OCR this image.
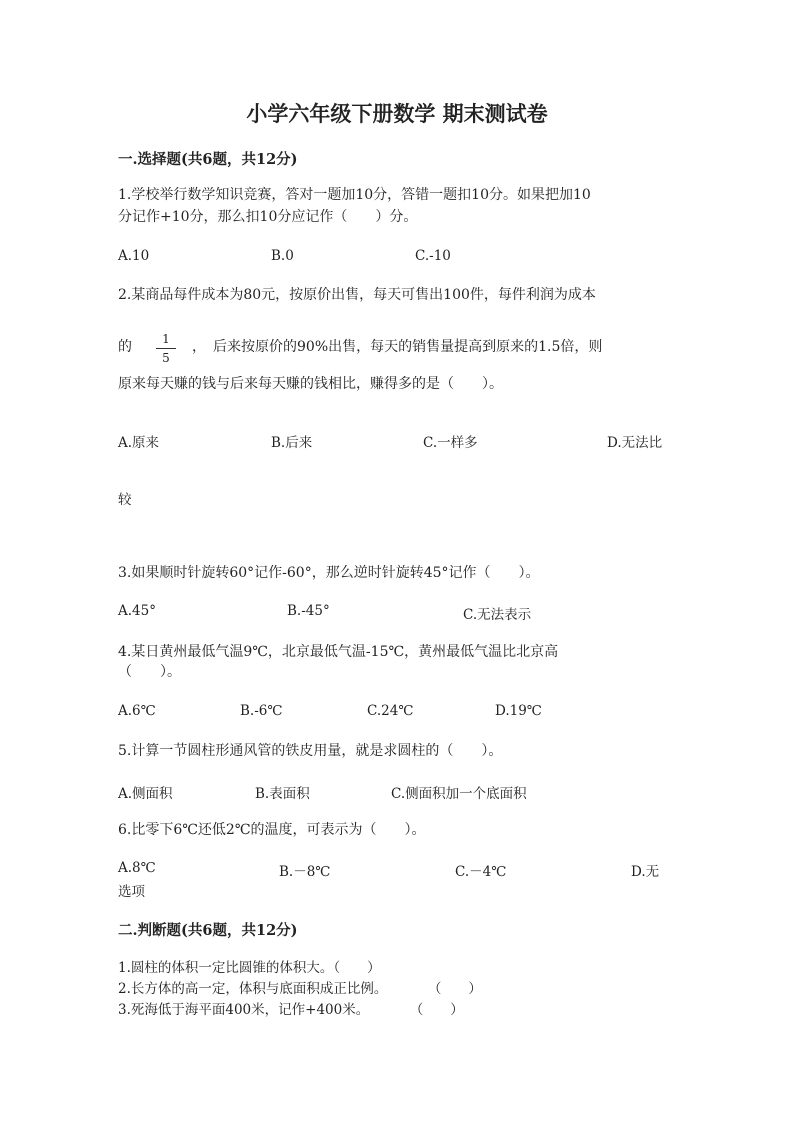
小学六年级下册数学 期末测试卷
一.选择题(共6题，共12分)
1.学校举行数学知识竞赛，答对一题加10分，答错一题扣10分。如果把加10
分记作+10分，那么扣10分应记作（　　）分。
A.10	B.0	C.-10
2.某商品每件成本为80元，按原价出售，每天可售出100件，每件利润为成本
的	1
5
，　后来按原价的90%出售，每天的销售量提高到原来的1.5倍，则
原来每天赚的钱与后来每天赚的钱相比，赚得多的是（　　）。
A.原来	B.后来	C.一样多	D.无法比
较
3.如果顺时针旋转60°记作-60°，那么逆时针旋转45°记作（　　）。
A.45°	B.-45°	C.无法表示
4.某日黄州最低气温9℃，北京最低气温-15℃，黄州最低气温比北京高
（　　）。
A.6℃	B.-6℃	C.24℃	D.19℃
5.计算一节圆柱形通风管的铁皮用量，就是求圆柱的（　　）。
A.侧面积	B.表面积	C.侧面积加一个底面积
6.比零下6℃还低2℃的温度，可表示为（　　）。
A.8℃	B.－8℃	C.－4℃	D.无
选项
二.判断题(共6题，共12分)
1.圆柱的体积一定比圆锥的体积大。（　　）
2.长方体的高一定，体积与底面积成正比例。　　　　（　　）
3.死海低于海平面400米，记作+400米。　　　　（　　）
